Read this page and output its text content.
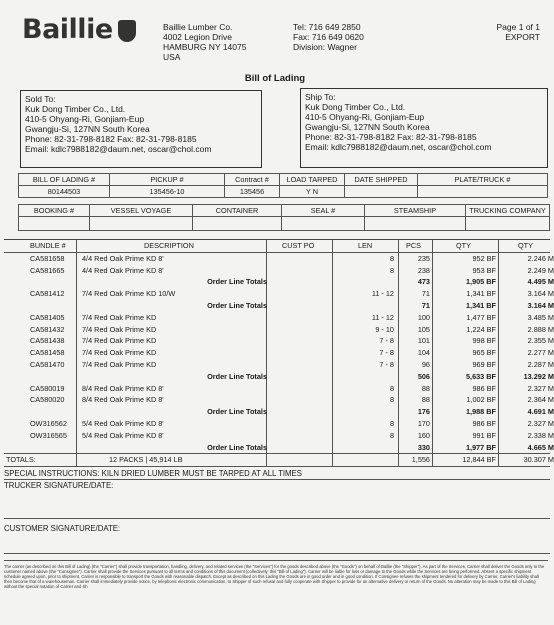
Baillie	Baillie Lumber Co.
4002 Legion Drive
HAMBURG NY 14075
USA
Tel: 716 649 2850
Fax: 716 649 0620
Division: Wagner
Page 1 of 1
EXPORT
Bill of Lading
Sold To:
Kuk Dong Timber Co., Ltd.
410-5 Ohyang-Ri, Gonjiam-Eup
Gwangju-Si, 127NN South Korea
Phone: 82-31-798-8182 Fax: 82-31-798-8185
Email: kdlc7988182@daum.net, oscar@chol.com
Ship To:
Kuk Dong Timber Co., Ltd.
410-5 Ohyang-Ri, Gonjiam-Eup
Gwangju-Si, 127NN South Korea
Phone: 82-31-798-8182 Fax: 82-31-798-8185
Email: kdlc7988182@daum.net, oscar@chol.com
BILL OF LADING #	PICKUP #	Contract #	LOAD TARPED	DATE SHIPPED	PLATE/TRUCK #
80144503	135456-10	135456	Y N		
BOOKING #	VESSEL VOYAGE	CONTAINER	SEAL #	STEAMSHIP	TRUCKING COMPANY

BUNDLE #	DESCRIPTION	CUST PO	LEN	PCS	QTY	QTY
CA581658 4/4 Red Oak Prime KD 8'	8	235	952 BF	2.246 M
CA581665 4/4 Red Oak Prime KD 8'	8	238	953 BF	2.249 M
Order Line Totals	473	1,905 BF	4.495 M
CA581412 7/4 Red Oak Prime KD 10/W	11 - 12	71	1,341 BF	3.164 M
Order Line Totals	71	1,341 BF	3.164 M
CA581405 7/4 Red Oak Prime KD	11 - 12	100	1,477 BF	3.485 M
CA581432 7/4 Red Oak Prime KD	9 - 10	105	1,224 BF	2.888 M
CA581438 7/4 Red Oak Prime KD	7 - 8	101	998 BF	2.355 M
CA581458 7/4 Red Oak Prime KD	7 - 8	104	965 BF	2.277 M
CA581470 7/4 Red Oak Prime KD	7 - 8	96	969 BF	2.287 M
Order Line Totals	506	5,633 BF	13.292 M
CA580019 8/4 Red Oak Prime KD 8'	8	88	986 BF	2.327 M
CA580020 8/4 Red Oak Prime KD 8'	8	88	1,002 BF	2.364 M
Order Line Totals	176	1,988 BF	4.691 M
OW316562 5/4 Red Oak Prime KD 8'	8	170	986 BF	2.327 M
OW316565 5/4 Red Oak Prime KD 8'	8	160	991 BF	2.338 M
Order Line Totals	330	1,977 BF	4.665 M
TOTALS:	12 PACKS | 45,914 LB	1,556	12,844 BF	30.307 M
SPECIAL INSTRUCTIONS: KILN DRIED LUMBER MUST BE TARPED AT ALL TIMES
TRUCKER SIGNATURE/DATE:
CUSTOMER SIGNATURE/DATE:
The carrier (as described on this Bill of Lading) (the "Carrier") shall provide transportation, handling, delivery, and related services (the "Services") for the goods described above (the "Goods") on behalf of Baillie (the "Shipper"). As part of the Services, Carrier shall deliver the Goods only to the customer named above (the "Consignee"). Carrier shall provide the Services pursuant to all terms and conditions of this document (collectively, this "Bill of Lading"). Carrier will be liable for loss or damage to the Goods while the Services are being performed. Absent a specific shipment schedule agreed upon, prior to shipment, Carrier is responsible to transport the Goods with reasonable dispatch. Except as described on this Lading the Goods are in good order and in good condition. If Consignee refuses the shipment tendered for delivery by Carrier, Carrier's liability shall then become that of a warehouseman. Carrier shall immediately provide notice, by telephonic electronic communication, to Shipper of such refusal and fully cooperate with Shipper to provide for an alternative delivery or return of the Goods. No alteration may be made to this Bill of Lading without the special notation of Carrier and Sh
